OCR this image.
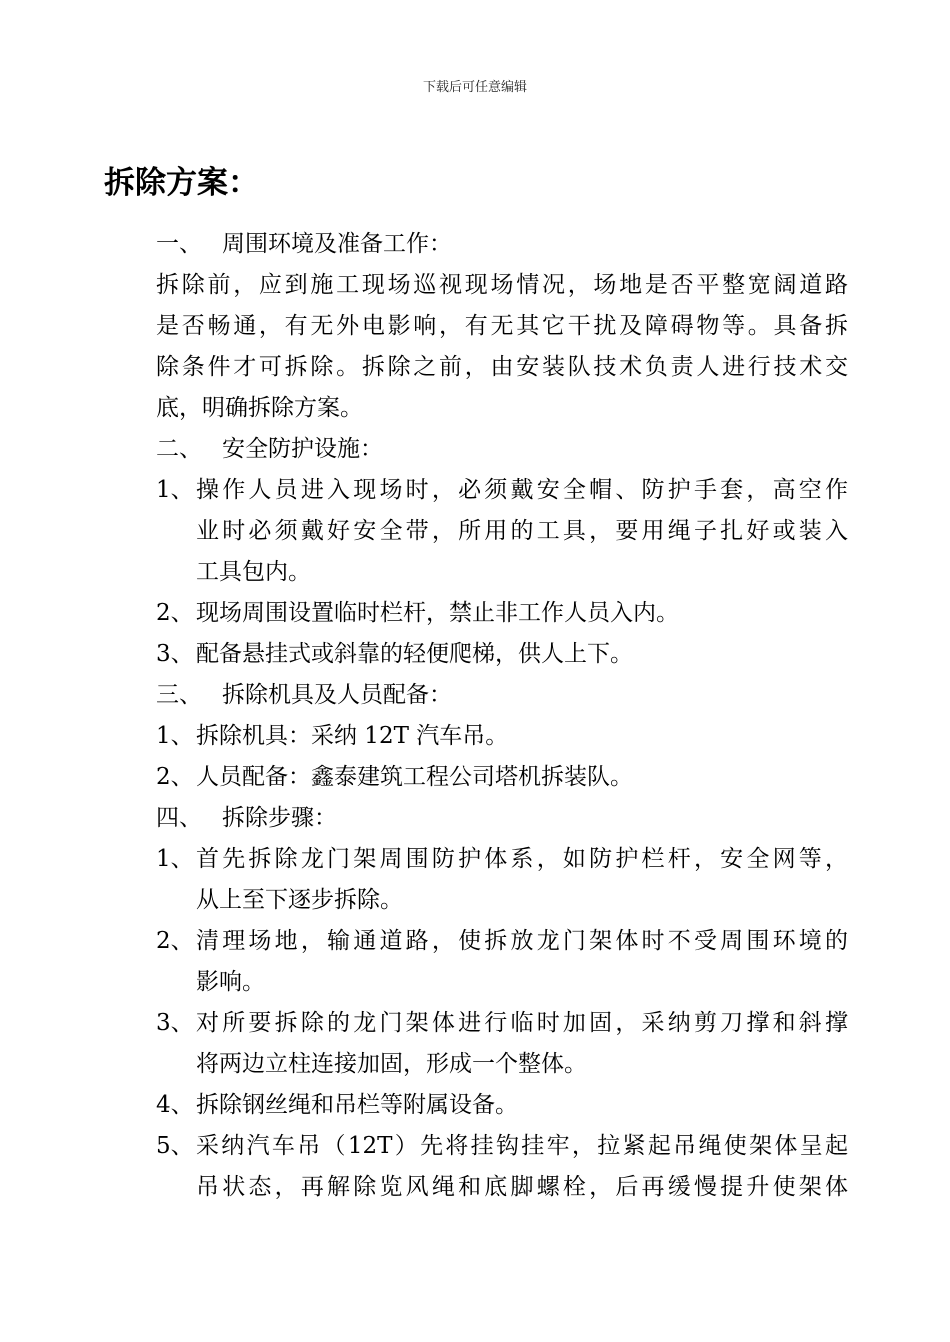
下载后可任意编辑
拆除方案：
一、 周围环境及准备工作：
拆除前，应到施工现场巡视现场情况，场地是否平整宽阔道路
是否畅通，有无外电影响，有无其它干扰及障碍物等。具备拆
除条件才可拆除。拆除之前，由安装队技术负责人进行技术交
底，明确拆除方案。
二、 安全防护设施：
1、 操作人员进入现场时，必须戴安全帽、防护手套，高空作
业时必须戴好安全带，所用的工具，要用绳子扎好或装入
工具包内。
2、 现场周围设置临时栏杆，禁止非工作人员入内。
3、 配备悬挂式或斜靠的轻便爬梯，供人上下。
三、 拆除机具及人员配备：
1、 拆除机具：采纳 12T 汽车吊。
2、 人员配备：鑫泰建筑工程公司塔机拆装队。
四、 拆除步骤：
1、 首先拆除龙门架周围防护体系，如防护栏杆，安全网等，
从上至下逐步拆除。
2、 清理场地，输通道路，使拆放龙门架体时不受周围环境的
影响。
3、 对所要拆除的龙门架体进行临时加固，采纳剪刀撑和斜撑
将两边立柱连接加固，形成一个整体。
4、 拆除钢丝绳和吊栏等附属设备。
5、 采纳汽车吊（12T）先将挂钩挂牢，拉紧起吊绳使架体呈起
吊状态，再解除览风绳和底脚螺栓，后再缓慢提升使架体
